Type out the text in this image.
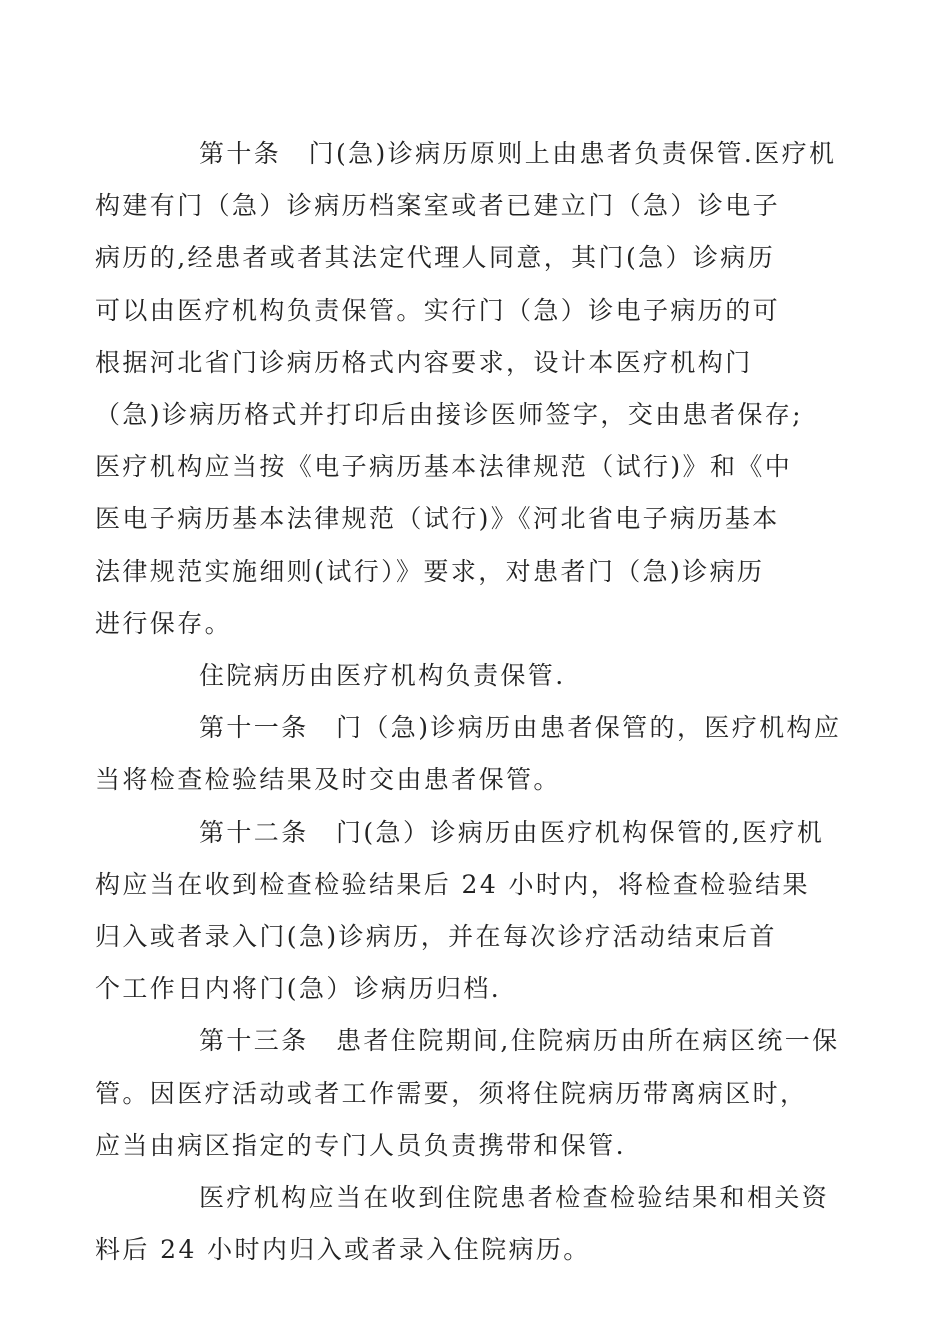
第十条　门(急)诊病历原则上由患者负责保管.医疗机
构建有门（急）诊病历档案室或者已建立门（急）诊电子
病历的,经患者或者其法定代理人同意，其门(急）诊病历
可以由医疗机构负责保管。实行门（急）诊电子病历的可
根据河北省门诊病历格式内容要求，设计本医疗机构门
（急)诊病历格式并打印后由接诊医师签字，交由患者保存;
医疗机构应当按《电子病历基本法律规范（试行)》和《中
医电子病历基本法律规范（试行)》《河北省电子病历基本
法律规范实施细则(试行）》要求，对患者门（急)诊病历
进行保存。

住院病历由医疗机构负责保管.

第十一条　门（急)诊病历由患者保管的，医疗机构应
当将检查检验结果及时交由患者保管。

第十二条　门(急）诊病历由医疗机构保管的,医疗机
构应当在收到检查检验结果后 24 小时内，将检查检验结果
归入或者录入门(急)诊病历，并在每次诊疗活动结束后首
个工作日内将门(急）诊病历归档.

第十三条　患者住院期间,住院病历由所在病区统一保
管。因医疗活动或者工作需要，须将住院病历带离病区时，
应当由病区指定的专门人员负责携带和保管.

医疗机构应当在收到住院患者检查检验结果和相关资
料后 24 小时内归入或者录入住院病历。
